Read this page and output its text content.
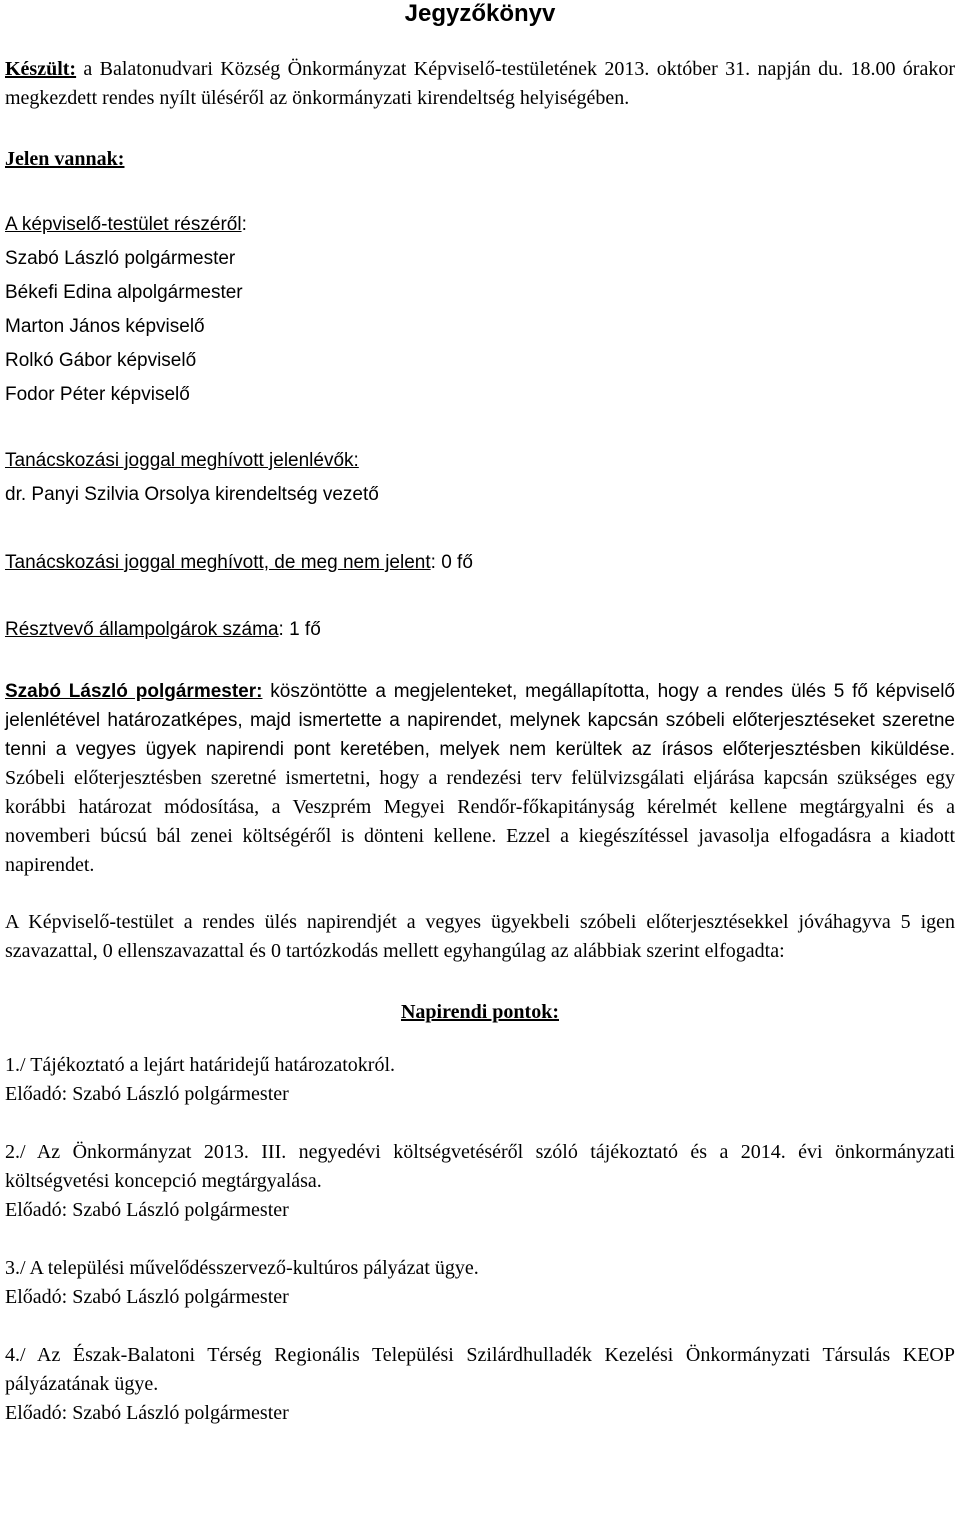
Jegyzőkönyv

Készült: a Balatonudvari Község Önkormányzat Képviselő-testületének 2013. október 31. napján du. 18.00 órakor megkezdett rendes nyílt üléséről az önkormányzati kirendeltség helyiségében.

Jelen vannak:

A képviselő-testület részéről:

Szabó László polgármester

Békefi Edina alpolgármester

Marton János képviselő

Rolkó Gábor képviselő

Fodor Péter képviselő

Tanácskozási joggal meghívott jelenlévők:

dr. Panyi Szilvia Orsolya kirendeltség vezető

Tanácskozási joggal meghívott, de meg nem jelent: 0 fő

Résztvevő állampolgárok száma: 1 fő

Szabó László polgármester: köszöntötte a megjelenteket, megállapította, hogy a rendes ülés 5 fő képviselő jelenlétével határozatképes, majd ismertette a napirendet, melynek kapcsán szóbeli előterjesztéseket szeretne tenni a vegyes ügyek napirendi pont keretében, melyek nem kerültek az írásos előterjesztésben kiküldése. Szóbeli előterjesztésben szeretné ismertetni, hogy a rendezési terv felülvizsgálati eljárása kapcsán szükséges egy korábbi határozat módosítása, a Veszprém Megyei Rendőr-főkapitányság kérelmét kellene megtárgyalni és a novemberi búcsú bál zenei költségéről is dönteni kellene. Ezzel a kiegészítéssel javasolja elfogadásra a kiadott napirendet.

A Képviselő-testület a rendes ülés napirendjét a vegyes ügyekbeli szóbeli előterjesztésekkel jóváhagyva 5 igen szavazattal, 0 ellenszavazattal és 0 tartózkodás mellett egyhangúlag az alábbiak szerint elfogadta:

Napirendi pontok:

1./ Tájékoztató a lejárt határidejű határozatokról.

Előadó: Szabó László polgármester

2./ Az Önkormányzat 2013. III. negyedévi költségvetéséről szóló tájékoztató és a 2014. évi önkormányzati költségvetési koncepció megtárgyalása.

Előadó: Szabó László polgármester

3./ A települési művelődésszervező-kultúros pályázat ügye.

Előadó: Szabó László polgármester

4./ Az Észak-Balatoni Térség Regionális Települési Szilárdhulladék Kezelési Önkormányzati Társulás KEOP pályázatának ügye.

Előadó: Szabó László polgármester
